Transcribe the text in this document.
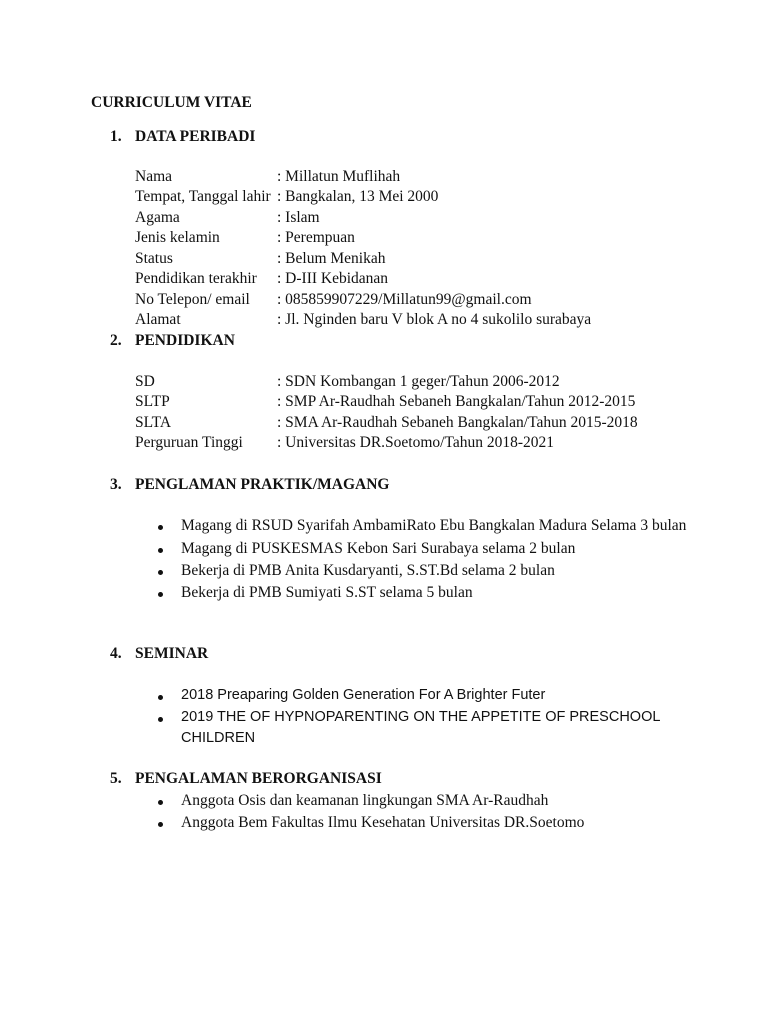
CURRICULUM VITAE
1. DATA PERIBADI
Nama	: Millatun Muflihah
Tempat, Tanggal lahir : Bangkalan, 13 Mei 2000
Agama	: Islam
Jenis kelamin	: Perempuan
Status	: Belum Menikah
Pendidikan terakhir : D-III Kebidanan
No Telepon/ email : 085859907229/Millatun99@gmail.com
Alamat	: Jl. Nginden baru V blok A no 4 sukolilo surabaya
2. PENDIDIKAN
SD	: SDN Kombangan 1 geger/Tahun 2006-2012
SLTP	: SMP Ar-Raudhah Sebaneh Bangkalan/Tahun 2012-2015
SLTA	: SMA Ar-Raudhah Sebaneh Bangkalan/Tahun 2015-2018
Perguruan Tinggi : Universitas DR.Soetomo/Tahun 2018-2021
3. PENGLAMAN PRAKTIK/MAGANG
Magang di RSUD Syarifah AmbamiRato Ebu Bangkalan Madura Selama 3 bulan
Magang di PUSKESMAS Kebon Sari Surabaya selama 2 bulan
Bekerja di PMB Anita Kusdaryanti, S.ST.Bd selama 2 bulan
Bekerja di PMB Sumiyati S.ST selama 5 bulan
4. SEMINAR
2018 Preaparing Golden Generation For A Brighter Futer
2019 THE OF HYPNOPARENTING ON THE APPETITE OF PRESCHOOL
CHILDREN
5. PENGALAMAN BERORGANISASI
Anggota Osis dan keamanan lingkungan SMA Ar-Raudhah
Anggota Bem Fakultas Ilmu Kesehatan Universitas DR.Soetomo
